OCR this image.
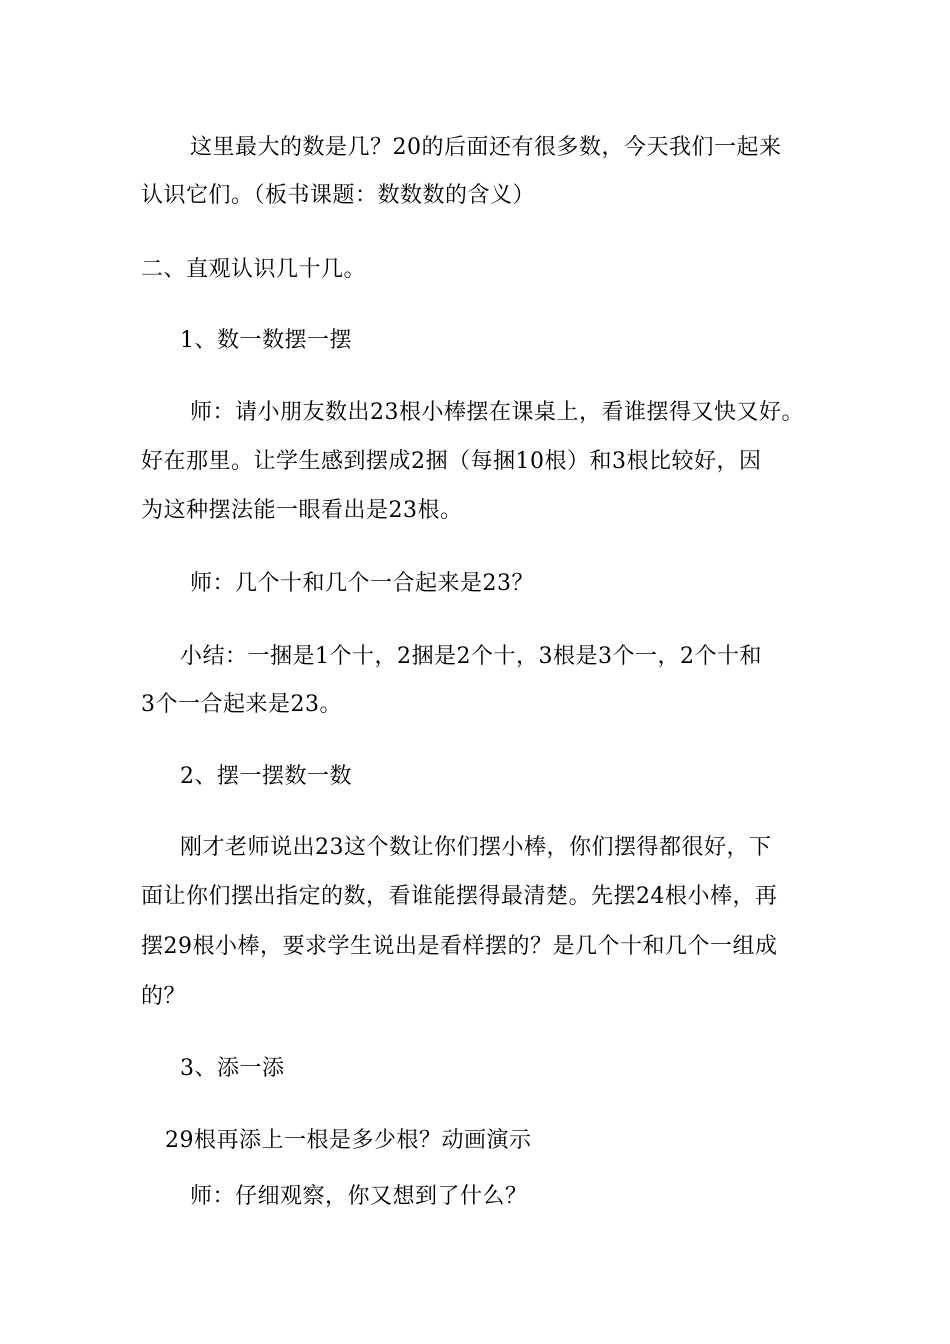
这里最大的数是几？20的后面还有很多数，今天我们一起来
认识它们。（板书课题：数数数的含义）
二、直观认识几十几。
1、数一数摆一摆
师：请小朋友数出23根小棒摆在课桌上，看谁摆得又快又好。
好在那里。让学生感到摆成2捆（每捆10根）和3根比较好，因
为这种摆法能一眼看出是23根。
师：几个十和几个一合起来是23？
小结：一捆是1个十，2捆是2个十，3根是3个一，2个十和
3个一合起来是23。
2、摆一摆数一数
刚才老师说出23这个数让你们摆小棒，你们摆得都很好，下
面让你们摆出指定的数，看谁能摆得最清楚。先摆24根小棒，再
摆29根小棒，要求学生说出是看样摆的？是几个十和几个一组成
的？
3、添一添
29根再添上一根是多少根？动画演示
师：仔细观察，你又想到了什么？
